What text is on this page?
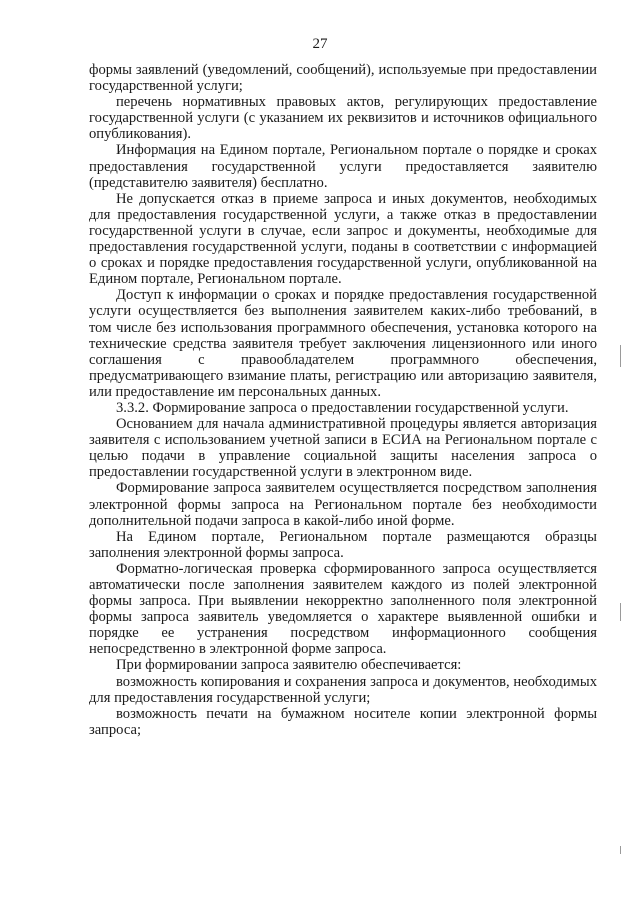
27

формы заявлений (уведомлений, сообщений), используемые при предоставлении государственной услуги;

перечень нормативных правовых актов, регулирующих предоставление государственной услуги (с указанием их реквизитов и источников официального опубликования).

Информация на Едином портале, Региональном портале о порядке и сроках предоставления государственной услуги предоставляется заявителю (представителю заявителя) бесплатно.

Не допускается отказ в приеме запроса и иных документов, необходимых для предоставления государственной услуги, а также отказ в предоставлении государственной услуги в случае, если запрос и документы, необходимые для предоставления государственной услуги, поданы в соответствии с информацией о сроках и порядке предоставления государственной услуги, опубликованной на Едином портале, Региональном портале.

Доступ к информации о сроках и порядке предоставления государственной услуги осуществляется без выполнения заявителем каких-либо требований, в том числе без использования программного обеспечения, установка которого на технические средства заявителя требует заключения лицензионного или иного соглашения с правообладателем программного обеспечения, предусматривающего взимание платы, регистрацию или авторизацию заявителя, или предоставление им персональных данных.

3.3.2. Формирование запроса о предоставлении государственной услуги.

Основанием для начала административной процедуры является авторизация заявителя с использованием учетной записи в ЕСИА на Региональном портале с целью подачи в управление социальной защиты населения запроса о предоставлении государственной услуги в электронном виде.

Формирование запроса заявителем осуществляется посредством заполнения электронной формы запроса на Региональном портале без необходимости дополнительной подачи запроса в какой-либо иной форме.

На Едином портале, Региональном портале размещаются образцы заполнения электронной формы запроса.

Форматно-логическая проверка сформированного запроса осуществляется автоматически после заполнения заявителем каждого из полей электронной формы запроса. При выявлении некорректно заполненного поля электронной формы запроса заявитель уведомляется о характере выявленной ошибки и порядке ее устранения посредством информационного сообщения непосредственно в электронной форме запроса.

При формировании запроса заявителю обеспечивается:

возможность копирования и сохранения запроса и документов, необходимых для предоставления государственной услуги;

возможность печати на бумажном носителе копии электронной формы запроса;
